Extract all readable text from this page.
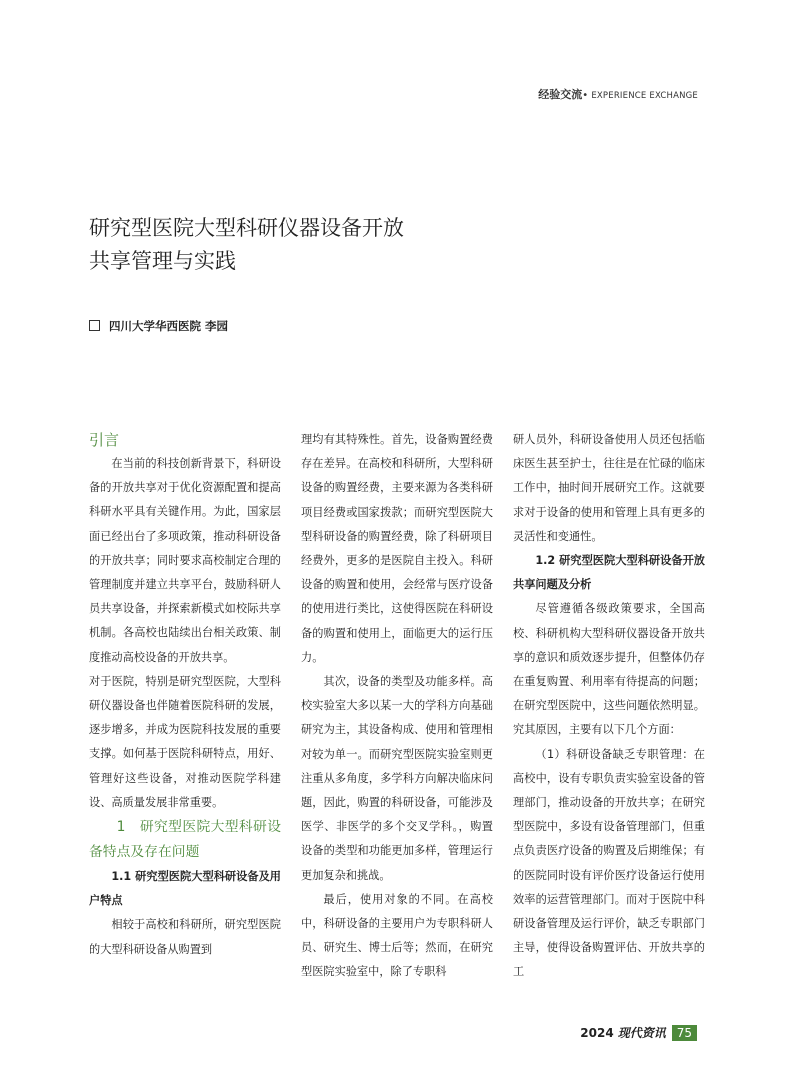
经验交流• EXPERIENCE EXCHANGE
研究型医院大型科研仪器设备开放
共享管理与实践
四川大学华西医院 李园

引言

在当前的科技创新背景下，科研设备的开放共享对于优化资源配置和提高科研水平具有关键作用。为此，国家层面已经出台了多项政策，推动科研设备的开放共享；同时要求高校制定合理的管理制度并建立共享平台，鼓励科研人员共享设备，并探索新模式如校际共享机制。各高校也陆续出台相关政策、制度推动高校设备的开放共享。

对于医院，特别是研究型医院，大型科研仪器设备也伴随着医院科研的发展，逐步增多，并成为医院科技发展的重要支撑。如何基于医院科研特点，用好、管理好这些设备，对推动医院学科建设、高质量发展非常重要。

1　研究型医院大型科研设备特点及存在问题

1.1 研究型医院大型科研设备及用户特点

相较于高校和科研所，研究型医院的大型科研设备从购置到

理均有其特殊性。首先，设备购置经费存在差异。在高校和科研所，大型科研设备的购置经费，主要来源为各类科研项目经费或国家拨款；而研究型医院大型科研设备的购置经费，除了科研项目经费外，更多的是医院自主投入。科研设备的购置和使用，会经常与医疗设备的使用进行类比，这使得医院在科研设备的购置和使用上，面临更大的运行压力。

其次，设备的类型及功能多样。高校实验室大多以某一大的学科方向基础研究为主，其设备构成、使用和管理相对较为单一。而研究型医院实验室则更注重从多角度，多学科方向解决临床问题，因此，购置的科研设备，可能涉及医学、非医学的多个交叉学科。，购置设备的类型和功能更加多样，管理运行更加复杂和挑战。

最后，使用对象的不同。在高校中，科研设备的主要用户为专职科研人员、研究生、博士后等；然而，在研究型医院实验室中，除了专职科

研人员外，科研设备使用人员还包括临床医生甚至护士，往往是在忙碌的临床工作中，抽时间开展研究工作。这就要求对于设备的使用和管理上具有更多的灵活性和变通性。

1.2 研究型医院大型科研设备开放共享问题及分析

尽管遵循各级政策要求，全国高校、科研机构大型科研仪器设备开放共享的意识和质效逐步提升，但整体仍存在重复购置、利用率有待提高的问题；在研究型医院中，这些问题依然明显。究其原因，主要有以下几个方面：

（1）科研设备缺乏专职管理：在高校中，设有专职负责实验室设备的管理部门，推动设备的开放共享；在研究型医院中，多设有设备管理部门，但重点负责医疗设备的购置及后期维保；有的医院同时设有评价医疗设备运行使用效率的运营管理部门。而对于医院中科研设备管理及运行评价，缺乏专职部门主导，使得设备购置评估、开放共享的工

2024 现代资讯 75
